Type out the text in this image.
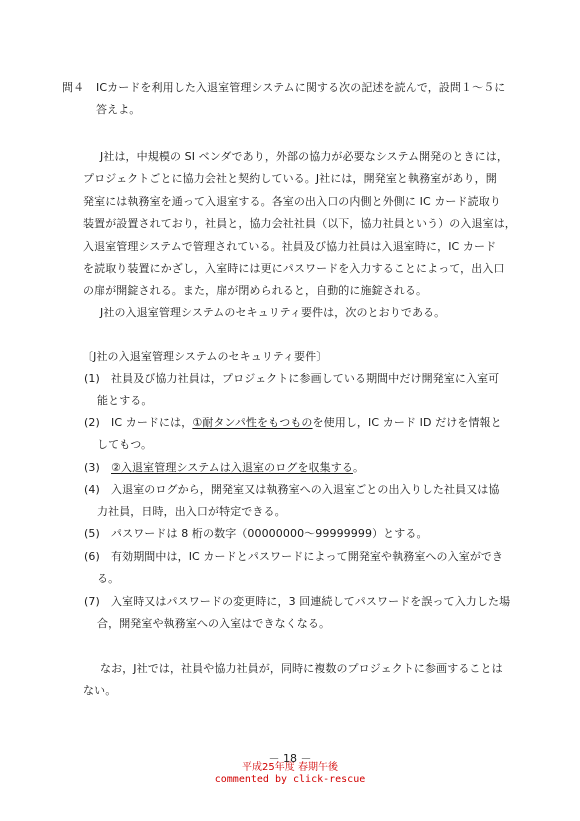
問４ ICカードを利用した入退室管理システムに関する次の記述を読んで，設問１～５に
答えよ。
J社は，中規模の SI ベンダであり，外部の協力が必要なシステム開発のときには，
プロジェクトごとに協力会社と契約している。J社には，開発室と執務室があり，開
発室には執務室を通って入退室する。各室の出入口の内側と外側に IC カード読取り
装置が設置されており，社員と，協力会社社員（以下，協力社員という）の入退室は，
入退室管理システムで管理されている。社員及び協力社員は入退室時に，IC カード
を読取り装置にかざし，入室時には更にパスワードを入力することによって，出入口
の扉が開錠される。また，扉が閉められると，自動的に施錠される。
J社の入退室管理システムのセキュリティ要件は，次のとおりである。
〔J社の入退室管理システムのセキュリティ要件〕
(1) 社員及び協力社員は，プロジェクトに参画している期間中だけ開発室に入室可
能とする。
(2) IC カードには，①耐タンパ性をもつものを使用し，IC カード ID だけを情報と
してもつ。
(3) ②入退室管理システムは入退室のログを収集する。
(4) 入退室のログから，開発室又は執務室への入退室ごとの出入りした社員又は協
力社員，日時，出入口が特定できる。
(5) パスワードは 8 桁の数字（00000000～99999999）とする。
(6) 有効期間中は，IC カードとパスワードによって開発室や執務室への入室ができ
る。
(7) 入室時又はパスワードの変更時に，3 回連続してパスワードを誤って入力した場
合，開発室や執務室への入室はできなくなる。
なお，J社では，社員や協力社員が，同時に複数のプロジェクトに参画することは
ない。
－ 18 －
平成25年度 春期午後
commented by click-rescue
